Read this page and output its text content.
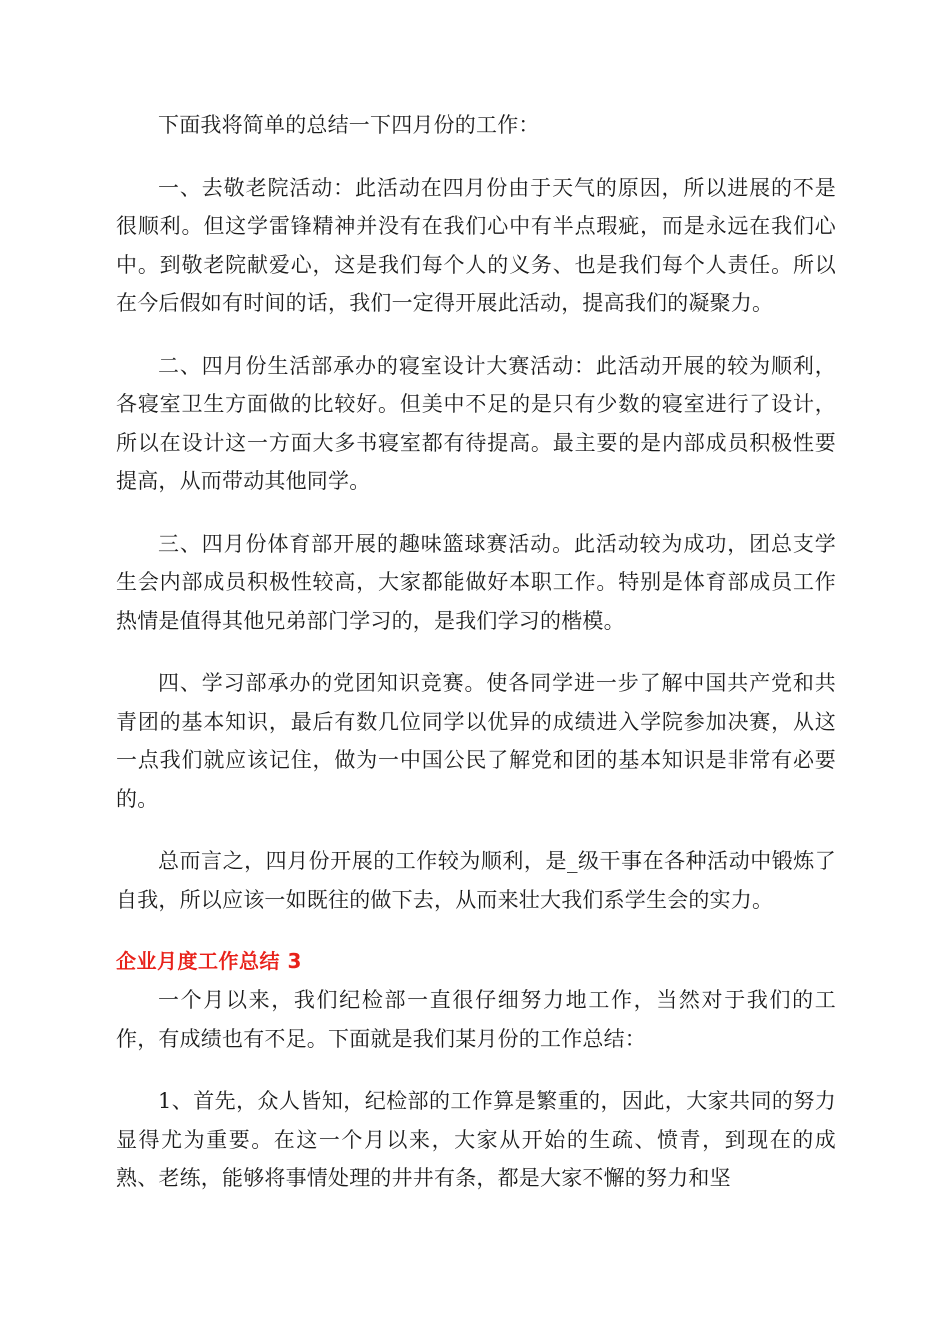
下面我将简单的总结一下四月份的工作：

一、去敬老院活动：此活动在四月份由于天气的原因，所以进展的不是很顺利。但这学雷锋精神并没有在我们心中有半点瑕疵，而是永远在我们心中。到敬老院献爱心，这是我们每个人的义务、也是我们每个人责任。所以在今后假如有时间的话，我们一定得开展此活动，提高我们的凝聚力。

二、四月份生活部承办的寝室设计大赛活动：此活动开展的较为顺利，各寝室卫生方面做的比较好。但美中不足的是只有少数的寝室进行了设计，所以在设计这一方面大多书寝室都有待提高。最主要的是内部成员积极性要提高，从而带动其他同学。

三、四月份体育部开展的趣味篮球赛活动。此活动较为成功，团总支学生会内部成员积极性较高，大家都能做好本职工作。特别是体育部成员工作热情是值得其他兄弟部门学习的，是我们学习的楷模。

四、学习部承办的党团知识竞赛。使各同学进一步了解中国共产党和共青团的基本知识，最后有数几位同学以优异的成绩进入学院参加决赛，从这一点我们就应该记住，做为一中国公民了解党和团的基本知识是非常有必要的。

总而言之，四月份开展的工作较为顺利，是_级干事在各种活动中锻炼了自我，所以应该一如既往的做下去，从而来壮大我们系学生会的实力。

企业月度工作总结 3

一个月以来，我们纪检部一直很仔细努力地工作，当然对于我们的工作，有成绩也有不足。下面就是我们某月份的工作总结：

1、首先，众人皆知，纪检部的工作算是繁重的，因此，大家共同的努力显得尤为重要。在这一个月以来，大家从开始的生疏、愤青，到现在的成熟、老练，能够将事情处理的井井有条，都是大家不懈的努力和坚
